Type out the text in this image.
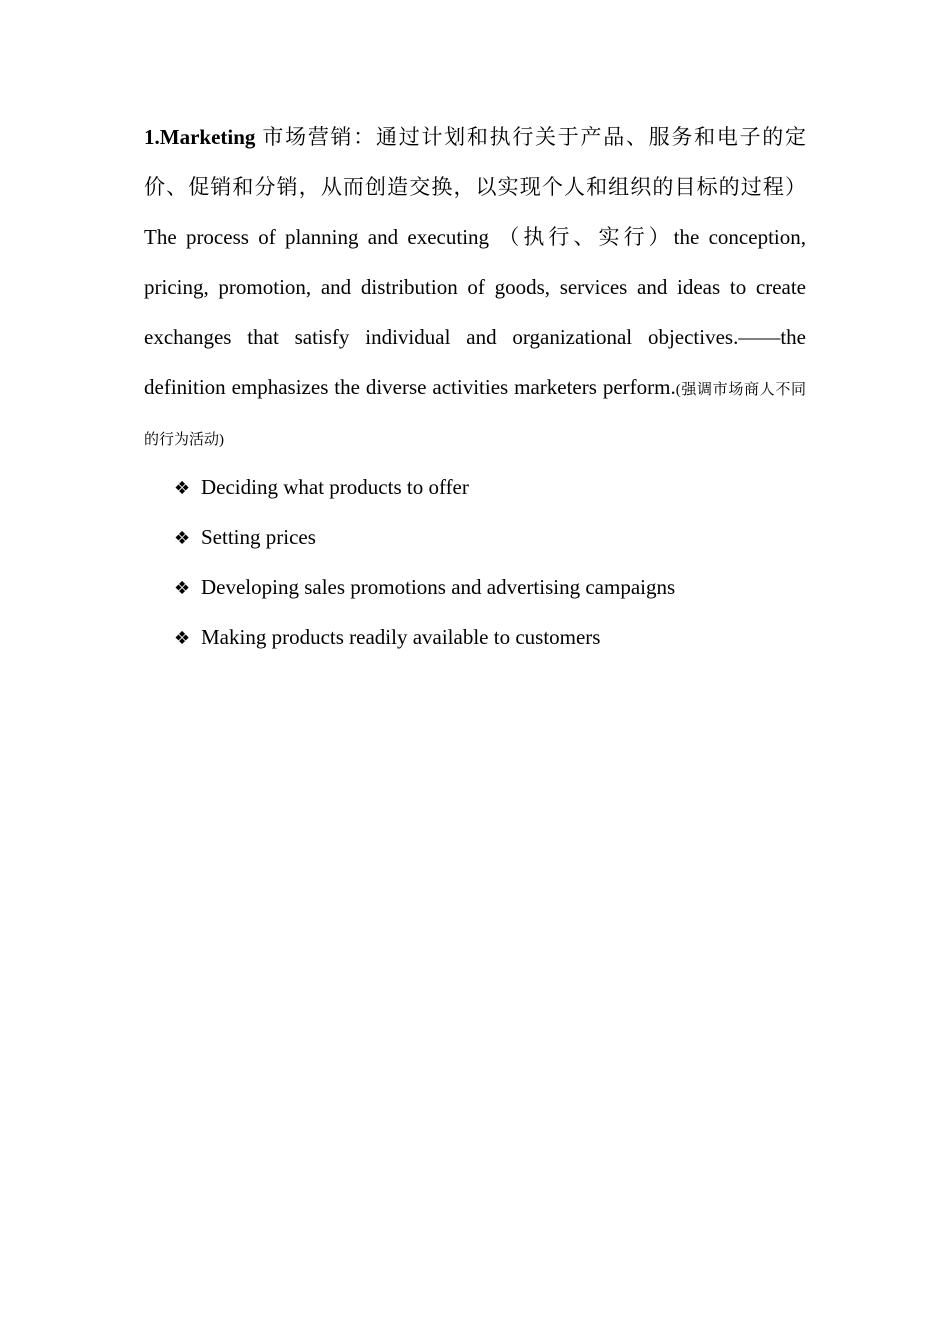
1.Marketing 市场营销：通过计划和执行关于产品、服务和电子的定价、促销和分销，从而创造交换，以实现个人和组织的目标的过程）The process of planning and executing （执行、实行）the conception, pricing, promotion, and distribution of goods, services and ideas to create exchanges that satisfy individual and organizational objectives.——the definition emphasizes the diverse activities marketers perform.(强调市场商人不同的行为活动)

❖ Deciding what products to offer
❖ Setting prices
❖ Developing sales promotions and advertising campaigns
❖ Making products readily available to customers
